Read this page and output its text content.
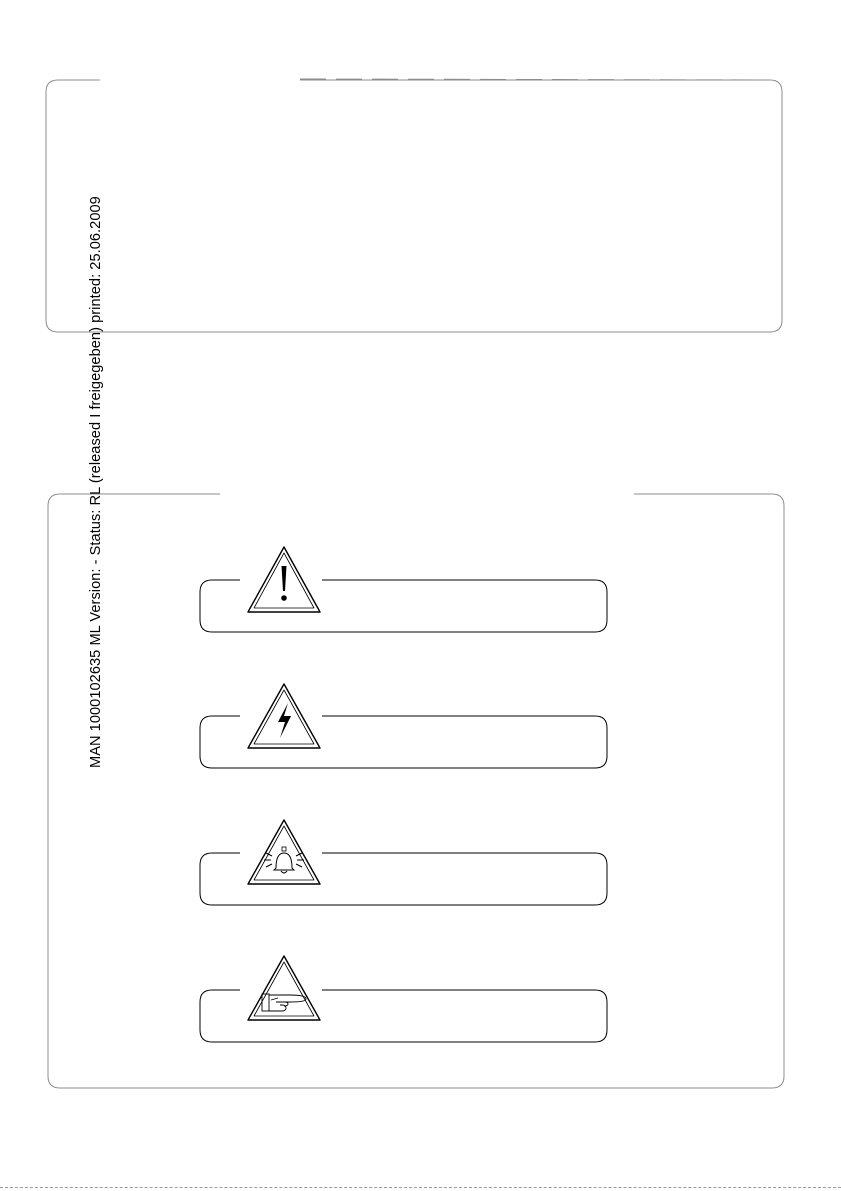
MAN 1000102635 ML Version: - Status: RL (released I freigegeben) printed: 25.06.2009
